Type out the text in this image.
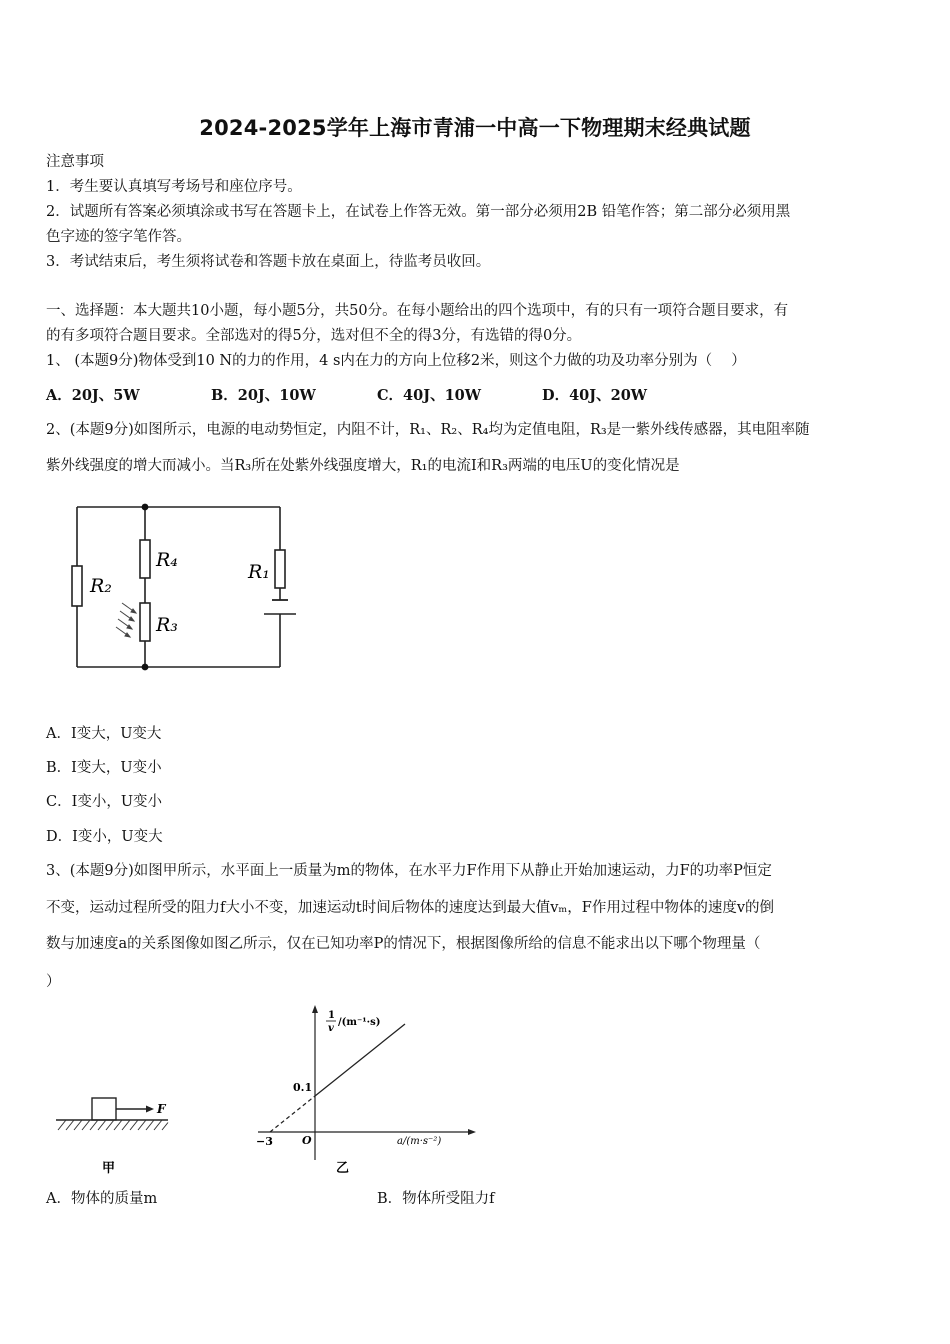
2024-2025学年上海市青浦一中高一下物理期末经典试题
注意事项
1．考生要认真填写考场号和座位序号。
2．试题所有答案必须填涂或书写在答题卡上，在试卷上作答无效。第一部分必须用2B 铅笔作答；第二部分必须用黑
色字迹的签字笔作答。
3．考试结束后，考生须将试卷和答题卡放在桌面上，待监考员收回。
一、选择题：本大题共10小题，每小题5分，共50分。在每小题给出的四个选项中，有的只有一项符合题目要求，有
的有多项符合题目要求。全部选对的得5分，选对但不全的得3分，有选错的得0分。
1、 (本题9分)物体受到10 N的力的作用，4 s内在力的方向上位移2米，则这个力做的功及功率分别为（　 ）
A．20J、5W	B．20J、10W	C．40J、10W	D．40J、20W
2、(本题9分)如图所示，电源的电动势恒定，内阻不计，R₁、R₂、R₄均为定值电阻，R₃是一紫外线传感器，其电阻率随
紫外线强度的增大而减小。当R₃所在处紫外线强度增大，R₁的电流I和R₃两端的电压U的变化情况是
R₂
R₄
R₃
R₁
A．I变大，U变大
B．I变大，U变小
C．I变小，U变小
D．I变小，U变大
3、(本题9分)如图甲所示，水平面上一质量为m的物体，在水平力F作用下从静止开始加速运动，力F的功率P恒定
不变，运动过程所受的阻力f大小不变，加速运动t时间后物体的速度达到最大值vₘ，F作用过程中物体的速度v的倒
数与加速度a的关系图像如图乙所示，仅在已知功率P的情况下，根据图像所给的信息不能求出以下哪个物理量（
）
F
甲
1
v
/(m⁻¹·s)
0.1
−3	O	a/(m·s⁻²)
乙
A．物体的质量m	B．物体所受阻力f
